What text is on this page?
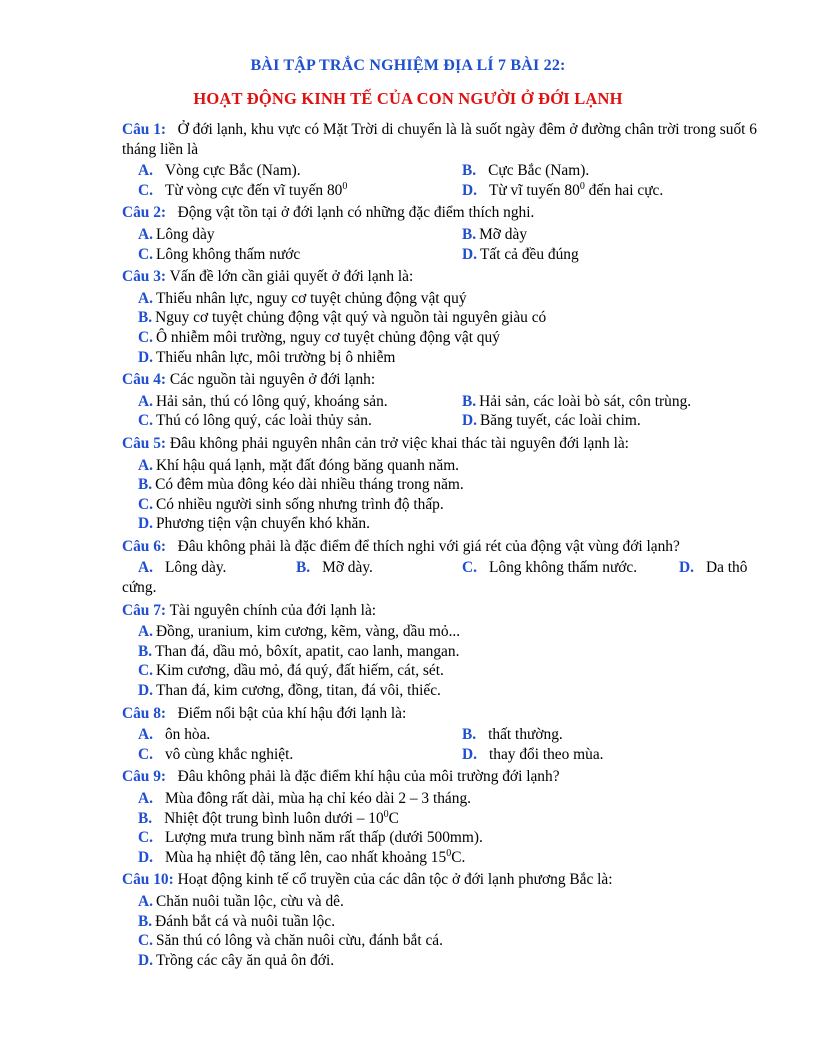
BÀI TẬP TRẮC NGHIỆM ĐỊA LÍ 7 BÀI 22:
HOẠT ĐỘNG KINH TẾ CỦA CON NGƯỜI Ở ĐỚI LẠNH
Câu 1: Ở đới lạnh, khu vực có Mặt Trời di chuyển là là suốt ngày đêm ở đường chân trời trong suốt 6 tháng liền là
A. Vòng cực Bắc (Nam).	B. Cực Bắc (Nam).
C. Từ vòng cực đến vĩ tuyến $80^0$	D. Từ vĩ tuyến $80^0$ đến hai cực.
Câu 2: Động vật tồn tại ở đới lạnh có những đặc điểm thích nghi.
A. Lông dày	B. Mỡ dày
C. Lông không thấm nước	D. Tất cả đều đúng
Câu 3: Vấn đề lớn cần giải quyết ở đới lạnh là:
A. Thiếu nhân lực, nguy cơ tuyệt chủng động vật quý
B. Nguy cơ tuyệt chủng động vật quý và nguồn tài nguyên giàu có
C. Ô nhiễm môi trường, nguy cơ tuyệt chủng động vật quý
D. Thiếu nhân lực, môi trường bị ô nhiễm
Câu 4: Các nguồn tài nguyên ở đới lạnh:
A. Hải sản, thú có lông quý, khoáng sản.	B. Hải sản, các loài bò sát, côn trùng.
C. Thú có lông quý, các loài thủy sản.	D. Băng tuyết, các loài chim.
Câu 5: Đâu không phải nguyên nhân cản trở việc khai thác tài nguyên đới lạnh là:
A. Khí hậu quá lạnh, mặt đất đóng băng quanh năm.
B. Có đêm mùa đông kéo dài nhiều tháng trong năm.
C. Có nhiều người sinh sống nhưng trình độ thấp.
D. Phương tiện vận chuyển khó khăn.
Câu 6: Đâu không phải là đặc điểm để thích nghi với giá rét của động vật vùng đới lạnh?
A. Lông dày.	B. Mỡ dày.	C. Lông không thấm nước.	D. Da thô
cứng.
Câu 7: Tài nguyên chính của đới lạnh là:
A. Đồng, uranium, kim cương, kẽm, vàng, dầu mỏ...
B. Than đá, dầu mỏ, bôxít, apatit, cao lanh, mangan.
C. Kim cương, dầu mỏ, đá quý, đất hiếm, cát, sét.
D. Than đá, kim cương, đồng, titan, đá vôi, thiếc.
Câu 8: Điểm nổi bật của khí hậu đới lạnh là:
A. ôn hòa.	B. thất thường.
C. vô cùng khắc nghiệt.	D. thay đổi theo mùa.
Câu 9: Đâu không phải là đặc điểm khí hậu của môi trường đới lạnh?
A. Mùa đông rất dài, mùa hạ chỉ kéo dài 2 – 3 tháng.
B. Nhiệt đột trung bình luôn dưới – $10^0C$
C. Lượng mưa trung bình năm rất thấp (dưới 500mm).
D. Mùa hạ nhiệt độ tăng lên, cao nhất khoảng $15^0C$.
Câu 10: Hoạt động kinh tế cổ truyền của các dân tộc ở đới lạnh phương Bắc là:
A. Chăn nuôi tuần lộc, cừu và dê.
B. Đánh bắt cá và nuôi tuần lộc.
C. Săn thú có lông và chăn nuôi cừu, đánh bắt cá.
D. Trồng các cây ăn quả ôn đới.
